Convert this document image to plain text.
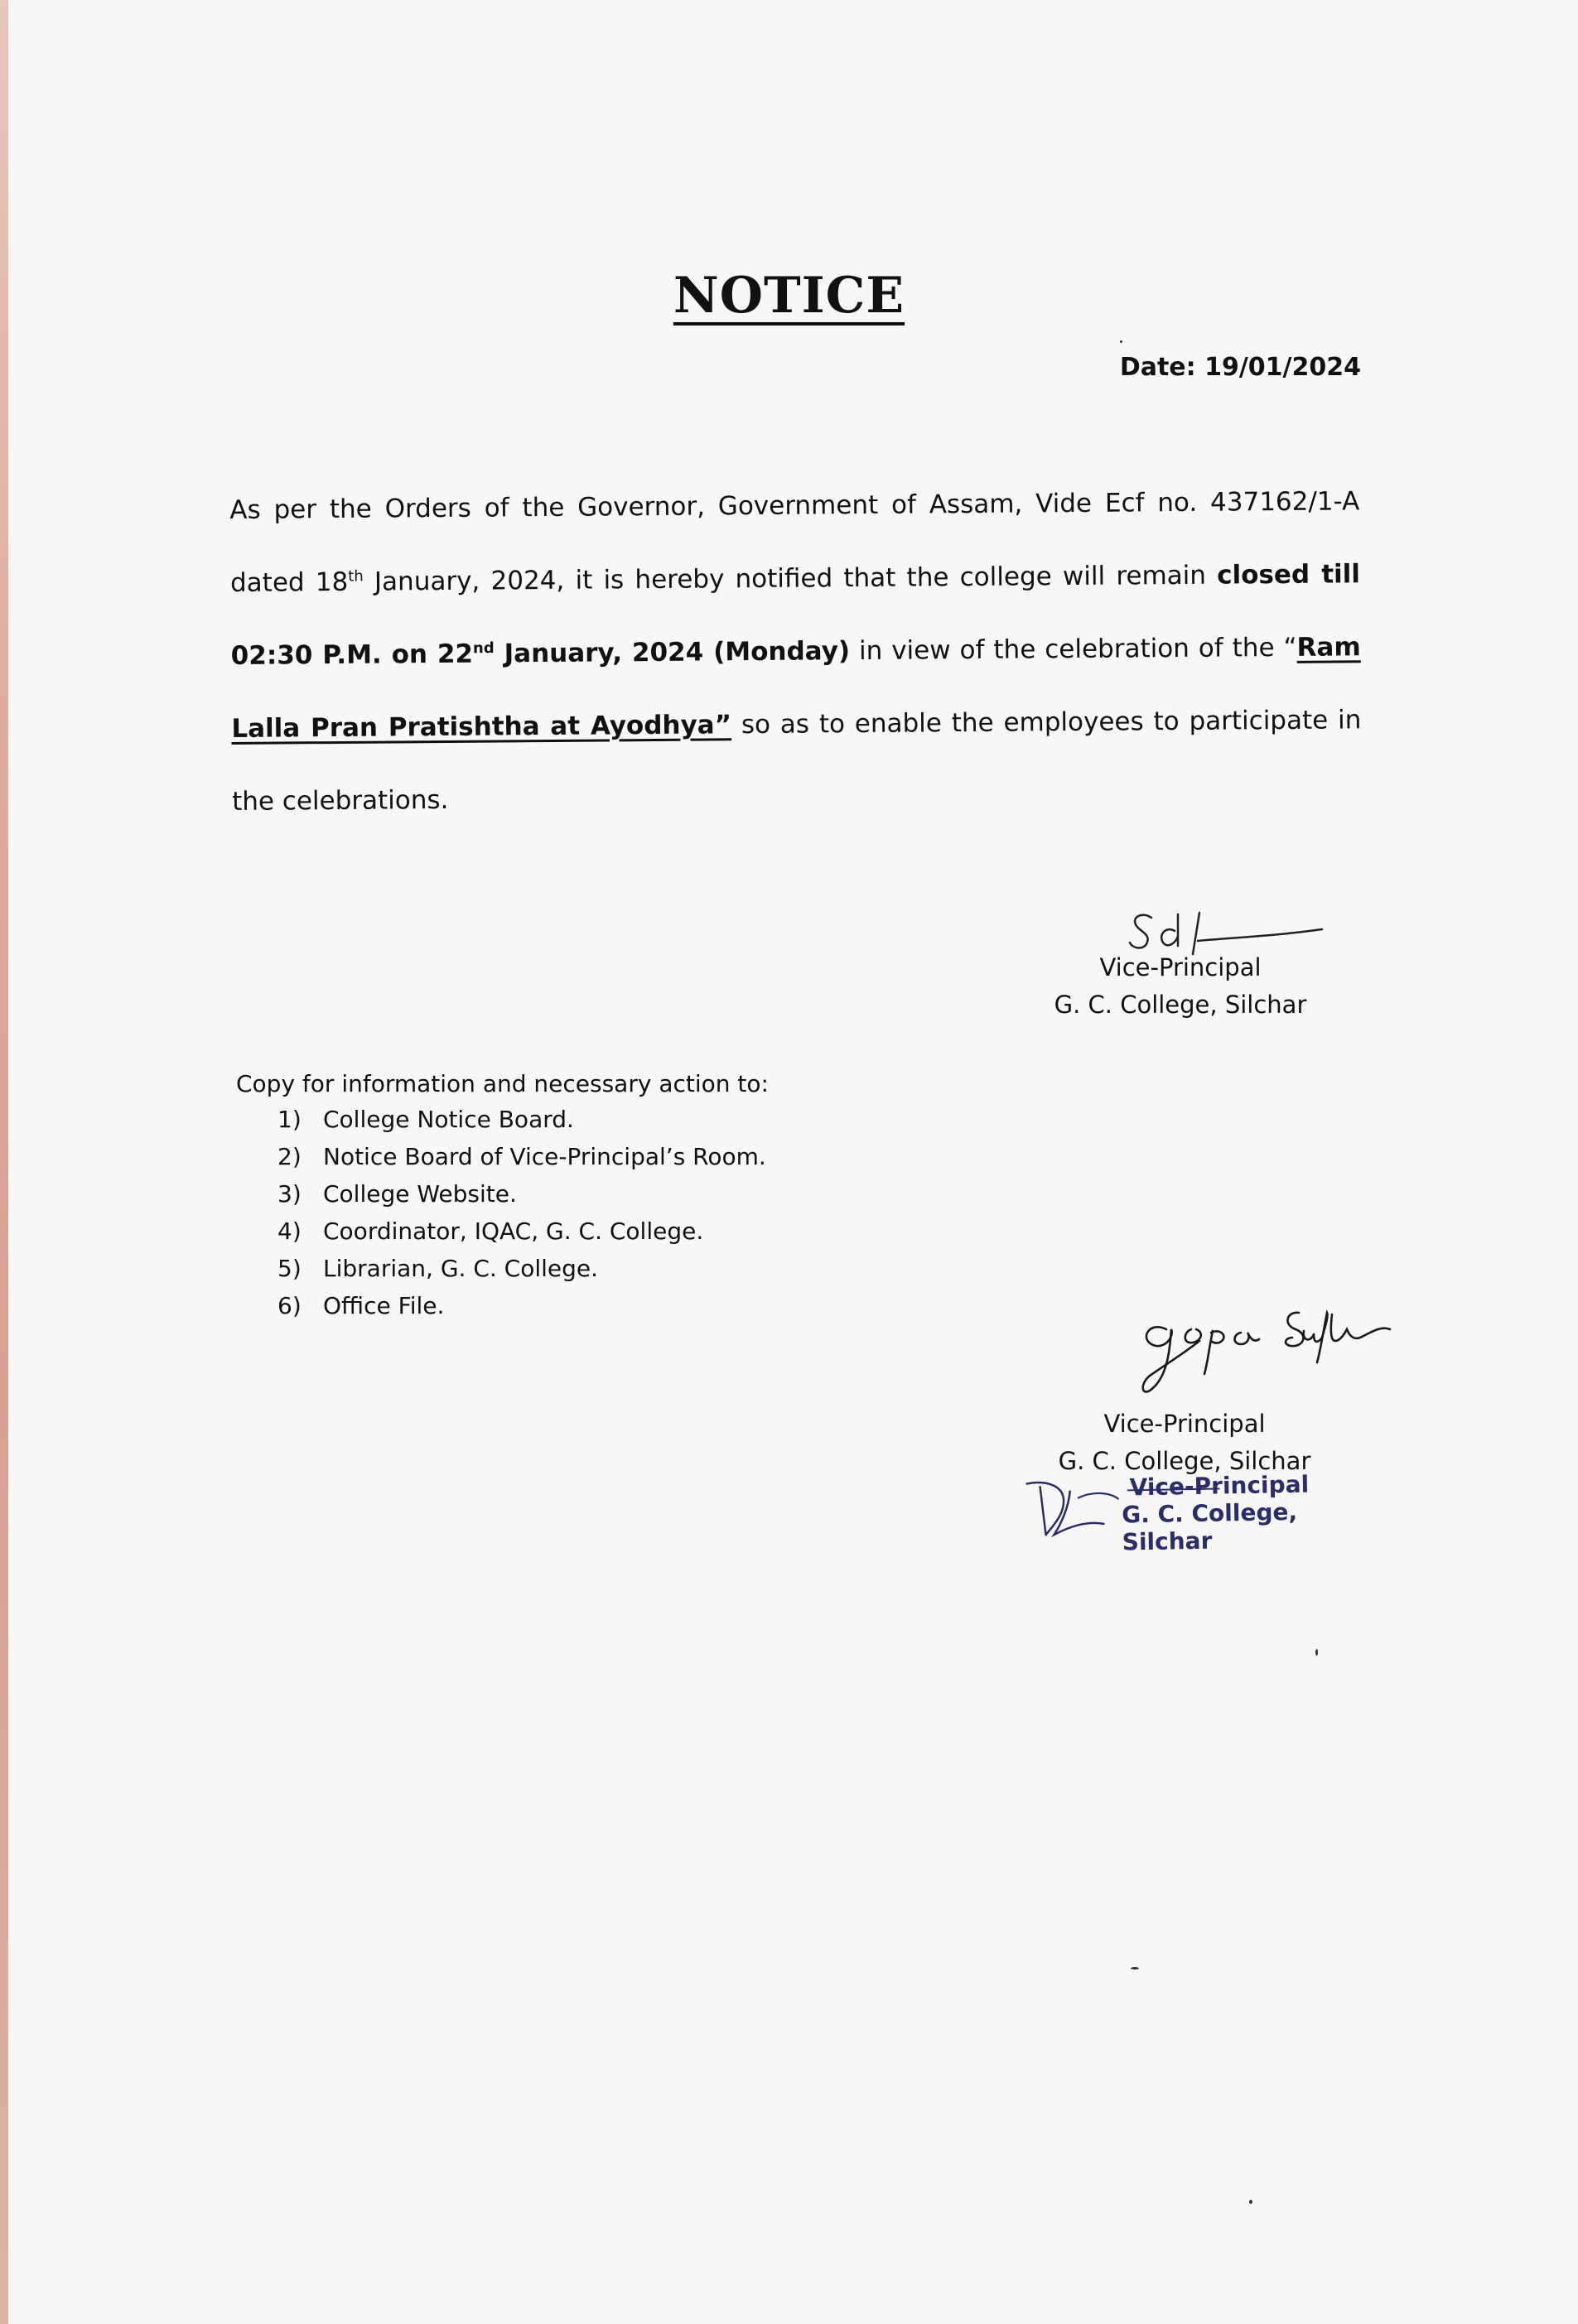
NOTICE
Date: 19/01/2024
As per the Orders of the Governor, Government of Assam, Vide Ecf no. 437162/1-A dated 18th January, 2024, it is hereby notified that the college will remain closed till 02:30 P.M. on 22nd January, 2024 (Monday) in view of the celebration of the “Ram Lalla Pran Pratishtha at Ayodhya” so as to enable the employees to participate in the celebrations.
Vice-Principal
G. C. College, Silchar
Copy for information and necessary action to:
1) College Notice Board.
2) Notice Board of Vice-Principal’s Room.
3) College Website.
4) Coordinator, IQAC, G. C. College.
5) Librarian, G. C. College.
6) Office File.
Vice-Principal
G. C. College, Silchar
Vice-Principal
G. C. College, Silchar
